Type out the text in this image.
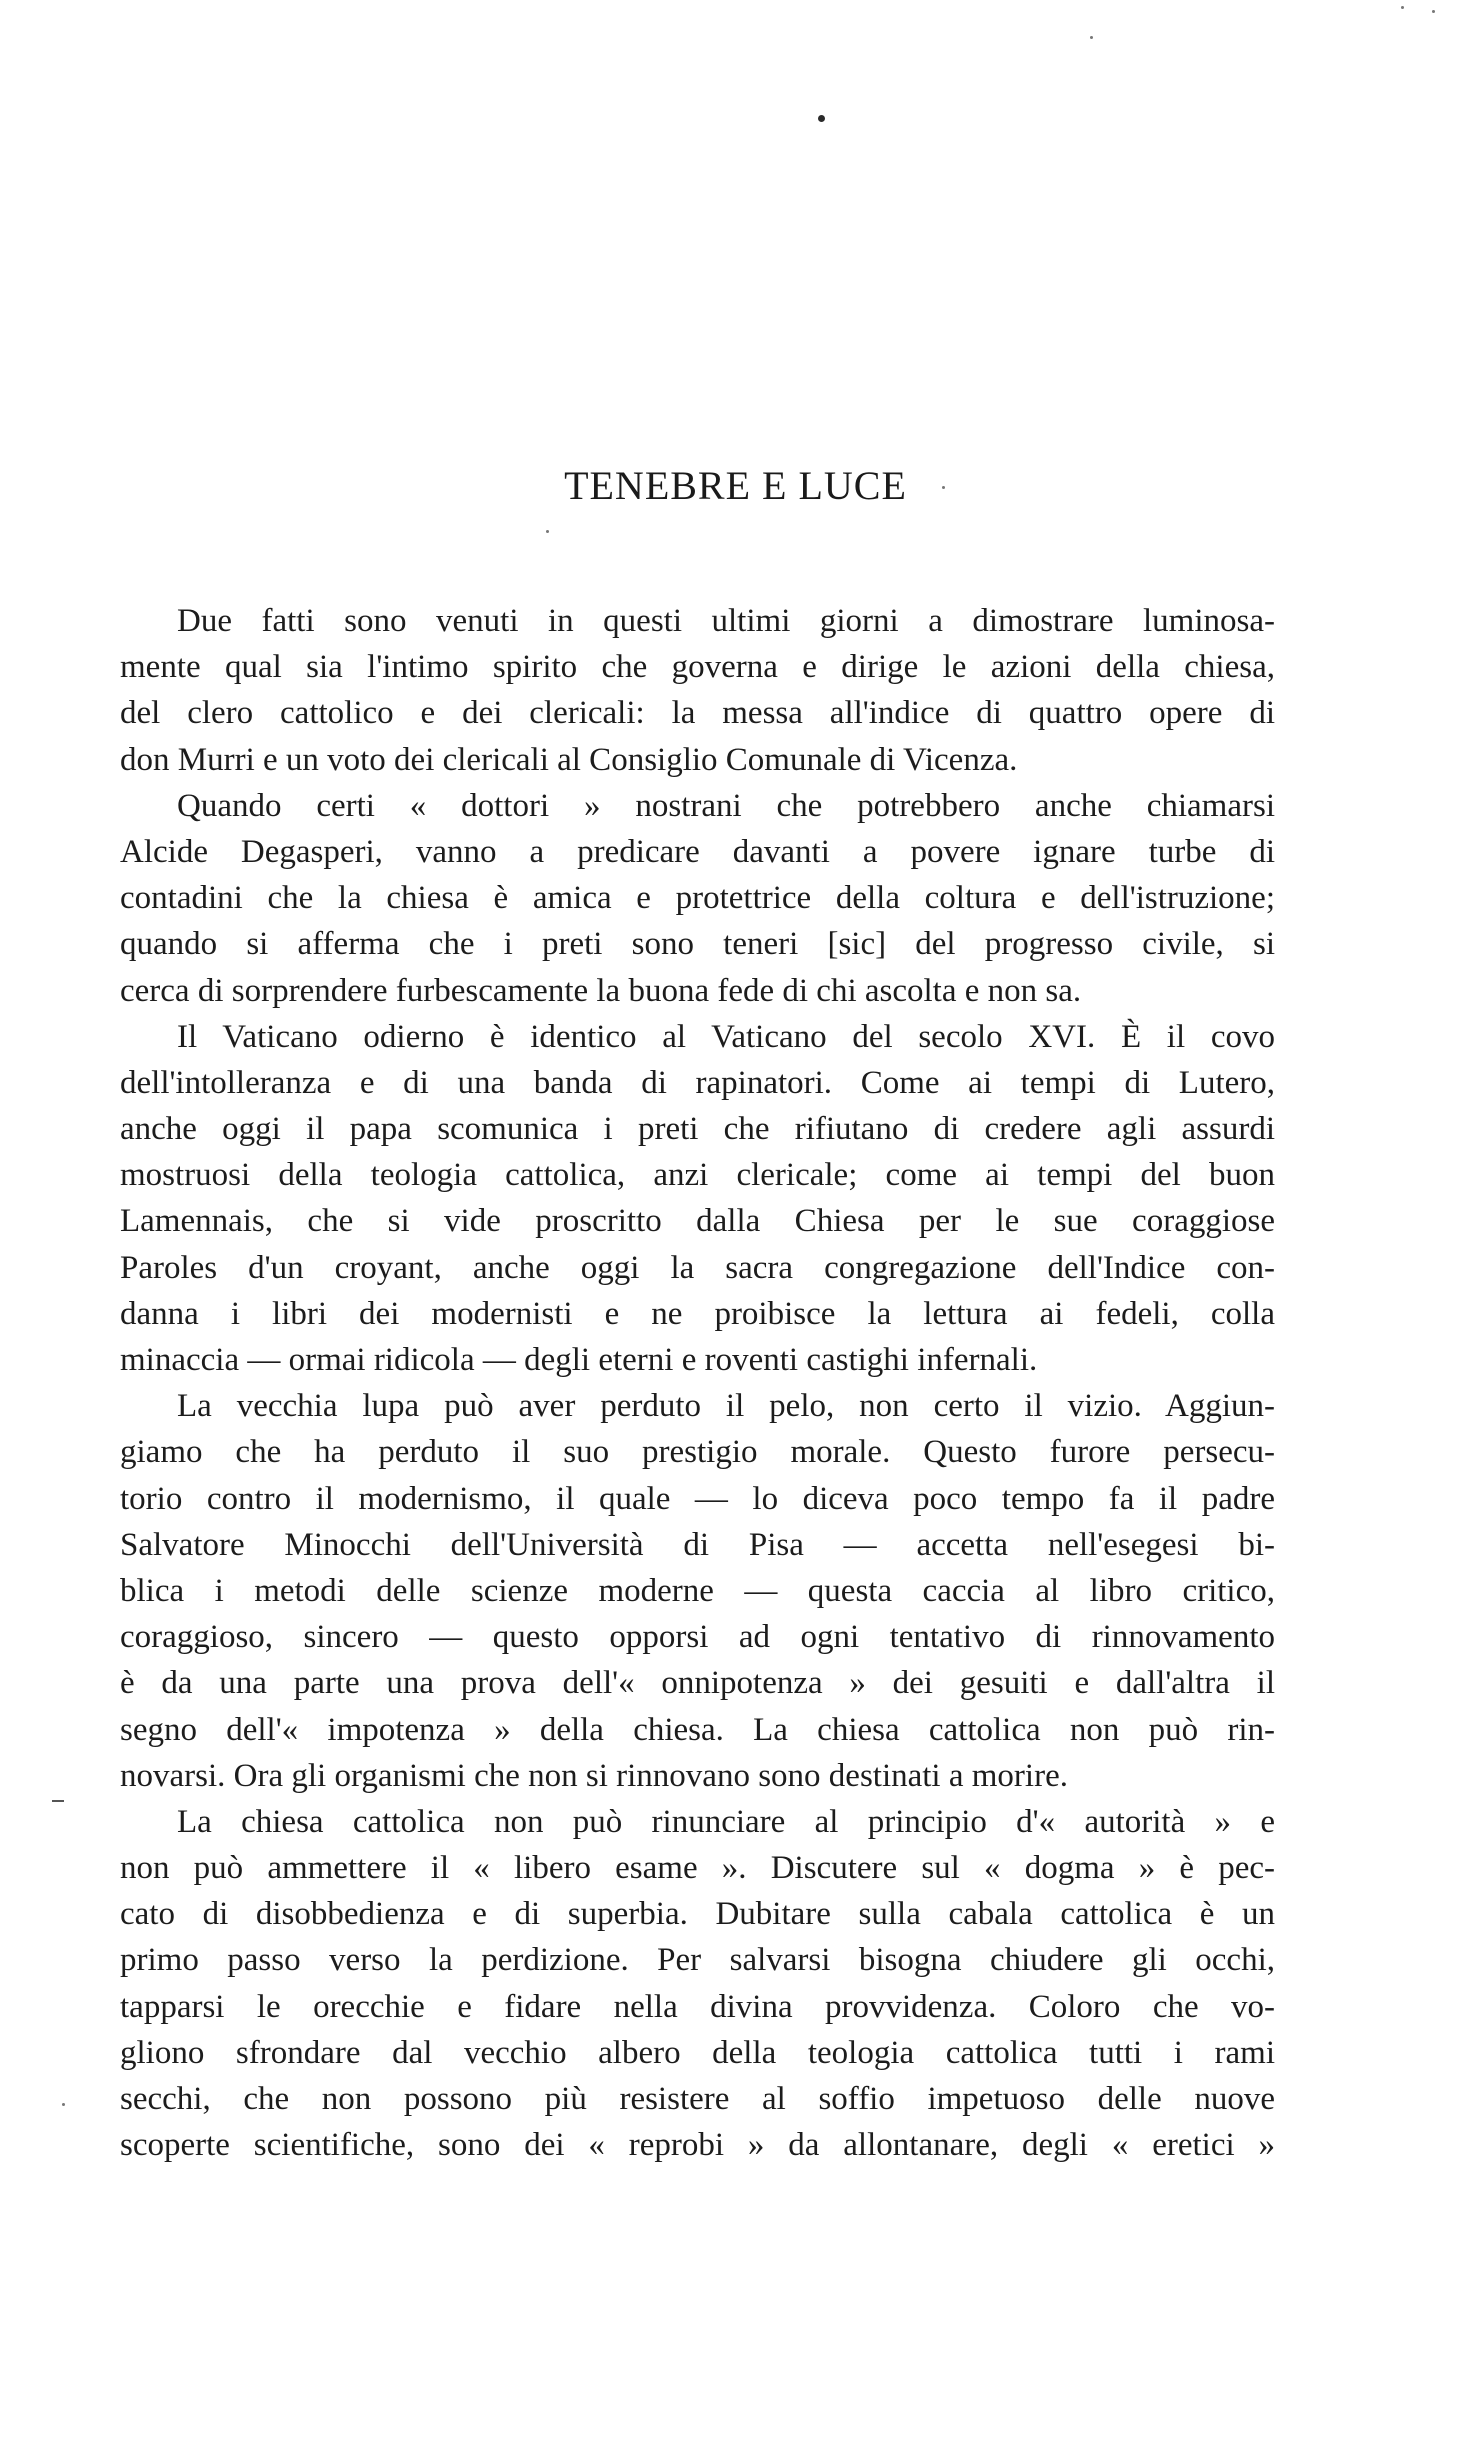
TENEBRE E LUCE
Due fatti sono venuti in questi ultimi giorni a dimostrare luminosa-
mente qual sia l'intimo spirito che governa e dirige le azioni della chiesa,
del clero cattolico e dei clericali: la messa all'indice di quattro opere di
don Murri e un voto dei clericali al Consiglio Comunale di Vicenza.
Quando certi « dottori » nostrani che potrebbero anche chiamarsi
Alcide Degasperi, vanno a predicare davanti a povere ignare turbe di
contadini che la chiesa è amica e protettrice della coltura e dell'istruzione;
quando si afferma che i preti sono teneri [sic] del progresso civile, si
cerca di sorprendere furbescamente la buona fede di chi ascolta e non sa.
Il Vaticano odierno è identico al Vaticano del secolo XVI. È il covo
dell'intolleranza e di una banda di rapinatori. Come ai tempi di Lutero,
anche oggi il papa scomunica i preti che rifiutano di credere agli assurdi
mostruosi della teologia cattolica, anzi clericale; come ai tempi del buon
Lamennais, che si vide proscritto dalla Chiesa per le sue coraggiose
Paroles d'un croyant, anche oggi la sacra congregazione dell'Indice con-
danna i libri dei modernisti e ne proibisce la lettura ai fedeli, colla
minaccia — ormai ridicola — degli eterni e roventi castighi infernali.
La vecchia lupa può aver perduto il pelo, non certo il vizio. Aggiun-
giamo che ha perduto il suo prestigio morale. Questo furore persecu-
torio contro il modernismo, il quale — lo diceva poco tempo fa il padre
Salvatore Minocchi dell'Università di Pisa — accetta nell'esegesi bi-
blica i metodi delle scienze moderne — questa caccia al libro critico,
coraggioso, sincero — questo opporsi ad ogni tentativo di rinnovamento
è da una parte una prova dell'« onnipotenza » dei gesuiti e dall'altra il
segno dell'« impotenza » della chiesa. La chiesa cattolica non può rin-
novarsi. Ora gli organismi che non si rinnovano sono destinati a morire.
La chiesa cattolica non può rinunciare al principio d'« autorità » e
non può ammettere il « libero esame ». Discutere sul « dogma » è pec-
cato di disobbedienza e di superbia. Dubitare sulla cabala cattolica è un
primo passo verso la perdizione. Per salvarsi bisogna chiudere gli occhi,
tapparsi le orecchie e fidare nella divina provvidenza. Coloro che vo-
gliono sfrondare dal vecchio albero della teologia cattolica tutti i rami
secchi, che non possono più resistere al soffio impetuoso delle nuove
scoperte scientifiche, sono dei « reprobi » da allontanare, degli « eretici »
